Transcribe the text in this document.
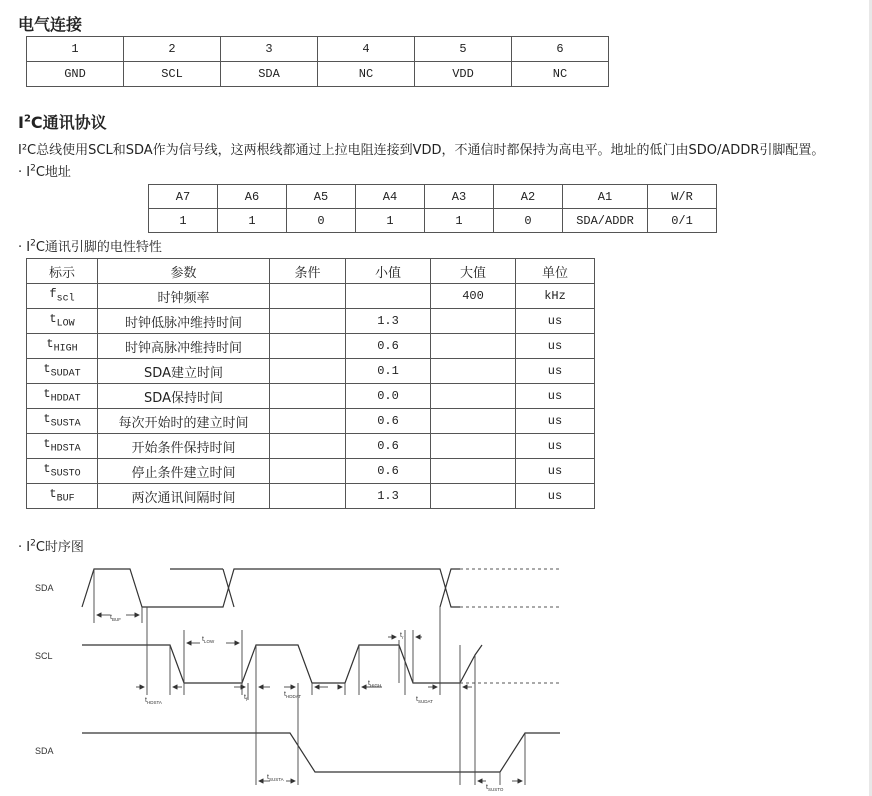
电气连接
1	2	3	4	5	6
GND	SCL	SDA	NC	VDD	NC
$I^2C$通讯协议
I²C总线使用SCL和SDA作为信号线，这两根线都通过上拉电阻连接到VDD，不通信时都保持为高电平。地址的低门由SDO/ADDR引脚配置。
· $I^2C$地址
A7	A6	A5	A4	A3	A2	A1	W/R
1	1	0	1	1	0	SDA/ADDR	0/1
· $I^2C$通讯引脚的电性特性
标示	参数	条件	小值	大值	单位
$f_{scl}$	时钟频率			400	kHz
$t_{LOW}$	时钟低脉冲维持时间		1.3		us
$t_{HIGH}$	时钟高脉冲维持时间		0.6		us
$t_{SUDAT}$	SDA建立时间		0.1		us
$t_{HDDAT}$	SDA保持时间		0.0		us
$t_{SUSTA}$	每次开始时的建立时间		0.6		us
$t_{HDSTA}$	开始条件保持时间		0.6		us
$t_{SUSTO}$	停止条件建立时间		0.6		us
$t_{BUF}$	两次通讯间隔时间		1.3		us
· $I^2C$时序图
SDA
SCL
SDA
$t_{BUF}$
$t_{LOW}$
$t_r$
$t_{HDSTA}$
$t_f$
$t_{HDDAT}$
$t_{HIGH}$
$t_{SUDAT}$
$t_{SUSTA}$
$t_{SUSTO}$
